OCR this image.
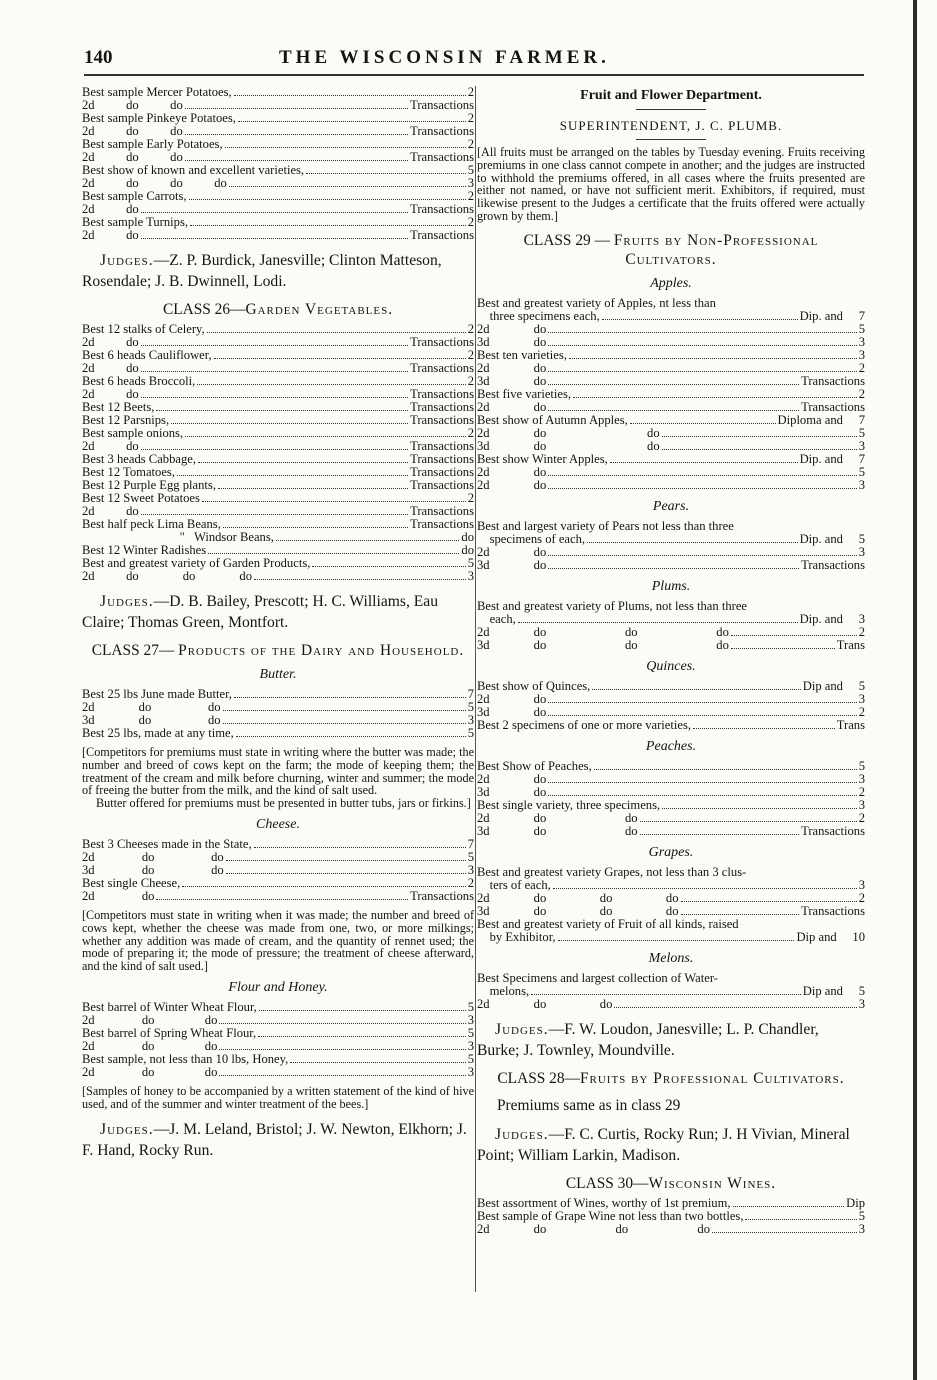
140	THE WISCONSIN FARMER.
Best sample Mercer Potatoes,	2
2d          do          do	Transactions
Best sample Pinkeye Potatoes,	2
2d          do          do	Transactions
Best sample Early Potatoes,	2
2d          do          do	Transactions
Best show of known and excellent varieties,	5
2d          do          do          do	3
Best sample Carrots,	2
2d          do	Transactions
Best sample Turnips,	2
2d          do	Transactions
Judges.—Z. P. Burdick, Janesville; Clinton Matteson, Rosendale; J. B. Dwinnell, Lodi.
CLASS 26—Garden Vegetables.
Best 12 stalks of Celery,	2
2d          do	Transactions
Best 6 heads Cauliflower,	2
2d          do	Transactions
Best 6 heads Broccoli,	2
2d          do	Transactions
Best 12 Beets,	Transactions
Best 12 Parsnips,	Transactions
Best sample onions,	2
2d          do	Transactions
Best 3 heads Cabbage,	Transactions
Best 12 Tomatoes,	Transactions
Best 12 Purple Egg plants,	Transactions
Best 12 Sweet Potatoes	2
2d          do	Transactions
Best half peck Lima Beans,	Transactions
"   Windsor Beans,	do
Best 12 Winter Radishes	do
Best and greatest variety of Garden Products,	5
2d          do              do              do	3
Judges.—D. B. Bailey, Prescott; H. C. Williams, Eau Claire; Thomas Green, Montfort.
CLASS 27— Products of the Dairy and Household.
Butter.
Best 25 lbs June made Butter,	7
2d              do                  do	5
3d              do                  do	3
Best 25 lbs, made at any time,	5
[Competitors for premiums must state in writing where the butter was made; the number and breed of cows kept on the farm; the mode of keeping them; the treatment of the cream and milk before churning, winter and summer; the mode of freeing the butter from the milk, and the kind of salt used.
Butter offered for premiums must be presented in butter tubs, jars or firkins.]
Cheese.
Best 3 Cheeses made in the State,	7
2d               do                  do	5
3d               do                  do	3
Best single Cheese,	2
2d               do	Transactions
[Competitors must state in writing when it was made; the number and breed of cows kept, whether the cheese was made from one, two, or more milkings; whether any addition was made of cream, and the quantity of rennet used; the mode of preparing it; the mode of pressure; the treatment of cheese afterward, and the kind of salt used.]
Flour and Honey.
Best barrel of Winter Wheat Flour,	5
2d               do                do	3
Best barrel of Spring Wheat Flour,	5
2d               do                do	3
Best sample, not less than 10 lbs, Honey,	5
2d               do                do	3
[Samples of honey to be accompanied by a written statement of the kind of hive used, and of the summer and winter treatment of the bees.]
Judges.—J. M. Leland, Bristol; J. W. Newton, Elkhorn; J. F. Hand, Rocky Run.
Fruit and Flower Department.
SUPERINTENDENT, J. C. PLUMB.
[All fruits must be arranged on the tables by Tuesday evening. Fruits receiving premiums in one class cannot compete in another; and the judges are instructed to withhold the premiums offered, in all cases where the fruits presented are either not named, or have not sufficient merit. Exhibitors, if required, must likewise present to the Judges a certificate that the fruits offered were actually grown by them.]
CLASS 29 — Fruits by Non-Professional Cultivators.
Apples.
Best and greatest variety of Apples, nt less than
three specimens each,	Dip. and     7
2d              do	5
3d              do	3
Best ten varieties,	3
2d              do	2
3d              do	Transactions
Best five varieties,	2
2d              do	Transactions
Best show of Autumn Apples,	Diploma and     7
2d              do                                do	5
3d              do                                do	3
Best show Winter Apples,	Dip. and     7
2d              do	5
2d              do	3
Pears.
Best and largest variety of Pears not less than three
specimens of each,	Dip. and     5
2d              do	3
3d              do	Transactions
Plums.
Best and greatest variety of Plums, not less than three
each,	Dip. and     3
2d              do                         do                         do	2
3d              do                         do                         do	Trans
Quinces.
Best show of Quinces,	Dip and     5
2d              do	3
3d              do	2
Best 2 specimens of one or more varieties,	Trans
Peaches.
Best Show of Peaches,	5
2d              do	3
3d              do	2
Best single variety, three specimens,	3
2d              do                         do	2
3d              do                         do	Transactions
Grapes.
Best and greatest variety Grapes, not less than 3 clus-
ters of each,	3
2d              do                 do                 do	2
3d              do                 do                 do	Transactions
Best and greatest variety of Fruit of all kinds, raised
by Exhibitor,	Dip and     10
Melons.
Best Specimens and largest collection of Water-
melons,	Dip and     5
2d              do                 do	3
Judges.—F. W. Loudon, Janesville; L. P. Chandler, Burke; J. Townley, Moundville.
CLASS 28—Fruits by Professional Cultivators.
Premiums same as in class 29
Judges.—F. C. Curtis, Rocky Run; J. H Vivian, Mineral Point; William Larkin, Madison.
CLASS 30—Wisconsin Wines.
Best assortment of Wines, worthy of 1st premium,	Dip
Best sample of Grape Wine not less than two bottles,	5
2d              do                      do                      do	3
